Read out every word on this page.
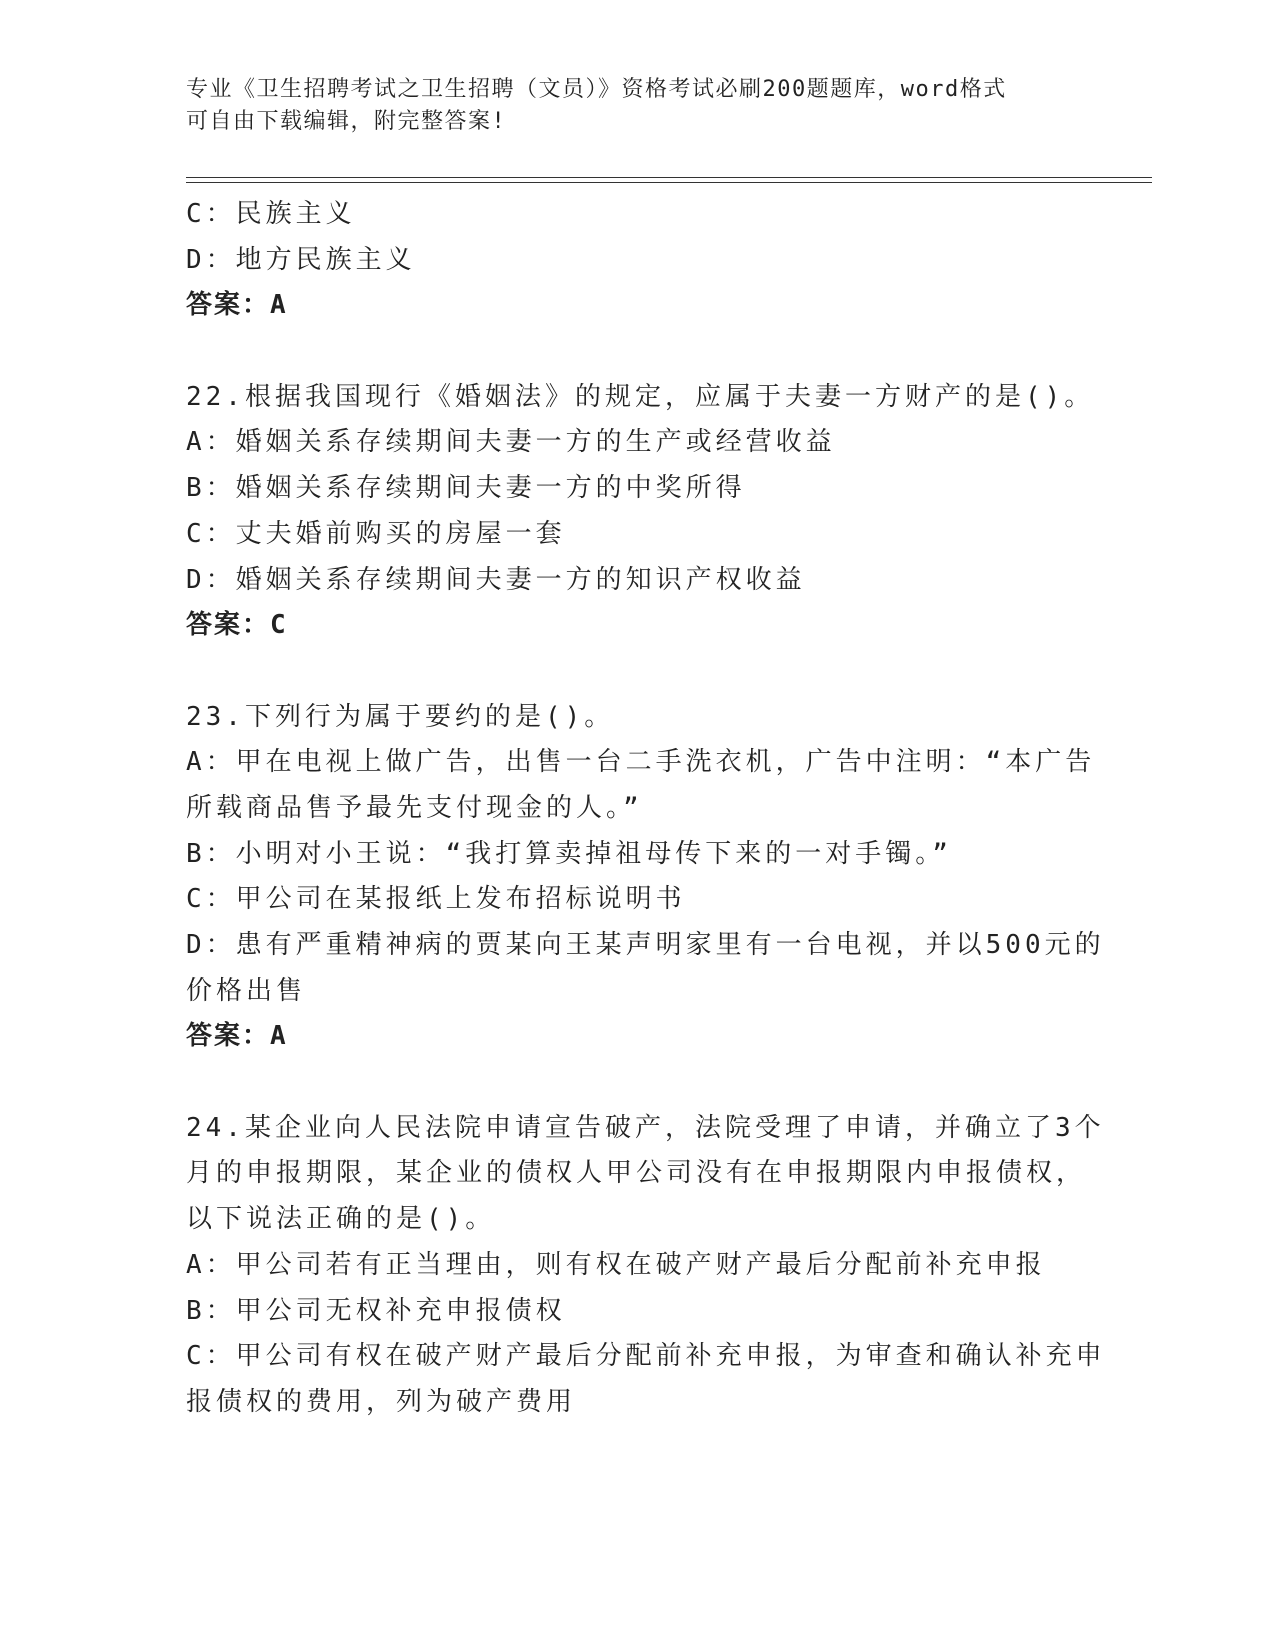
专业《卫生招聘考试之卫生招聘（文员）》资格考试必刷200题题库，word格式
可自由下载编辑，附完整答案!
C：民族主义
D：地方民族主义
答案：A
22.根据我国现行《婚姻法》的规定，应属于夫妻一方财产的是()。
A：婚姻关系存续期间夫妻一方的生产或经营收益
B：婚姻关系存续期间夫妻一方的中奖所得
C：丈夫婚前购买的房屋一套
D：婚姻关系存续期间夫妻一方的知识产权收益
答案：C
23.下列行为属于要约的是()。
A：甲在电视上做广告，出售一台二手洗衣机，广告中注明：“本广告
所载商品售予最先支付现金的人。”
B：小明对小王说：“我打算卖掉祖母传下来的一对手镯。”
C：甲公司在某报纸上发布招标说明书
D：患有严重精神病的贾某向王某声明家里有一台电视，并以500元的
价格出售
答案：A
24.某企业向人民法院申请宣告破产，法院受理了申请，并确立了3个
月的申报期限，某企业的债权人甲公司没有在申报期限内申报债权，
以下说法正确的是()。
A：甲公司若有正当理由，则有权在破产财产最后分配前补充申报
B：甲公司无权补充申报债权
C：甲公司有权在破产财产最后分配前补充申报，为审查和确认补充申
报债权的费用，列为破产费用
